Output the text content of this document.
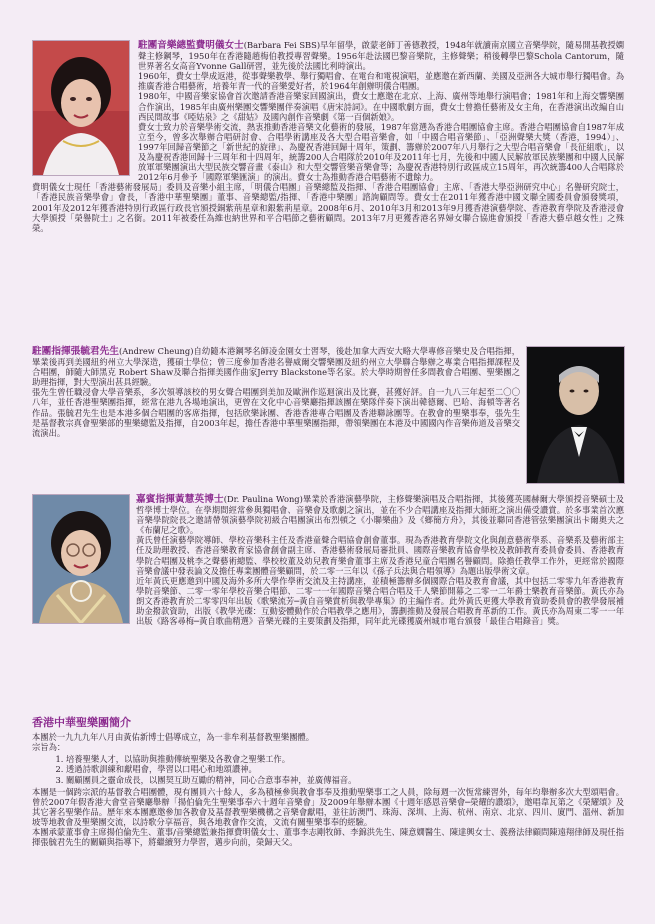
駐團音樂總監費明儀女士(Barbara Fei SBS)早年留學，啟蒙老師丁善德教授，1948年就讀南京國立音樂學院，隨易開基教授嫻聲主修鋼琴，1950年在香港隨趙梅伯教授專習聲樂。1956年赴法國巴黎音樂院，主修聲樂；稍後轉學巴黎Schola Cantorum，隨世界著名女高音Yvonne Gall研習，並先後於法國比利時演出。

1960年，費女士學成返港，從事聲樂教學、舉行獨唱會、在電台和電視演唱，並應邀在新西蘭、美國及亞洲各大城市舉行獨唱會。為推廣香港合唱藝術，培養年青一代的音樂愛好者，於1964年創辦明儀合唱團。

1980年，中國音樂家協會首次邀請香港音樂家回國演出，費女士應邀在北京、上海、廣州等地舉行演唱會；1981年和上海交響樂團合作演出，1985年由廣州樂團交響樂團伴奏演唱《唐宋詩詞》。在中國歌劇方面，費女士曾擔任藝術及女主角，在香港演出改編自山西民間故事《啞姑泉》之《甜姑》及國內創作音樂劇《第一百個新娘》。

費女士致力於音樂學術交流，熱衷推動香港音樂文化藝術的發展，1987年當選為香港合唱團協會主席。香港合唱團協會自1987年成立至今，曾多次舉辦合唱研討會、合唱學術講座及各大型合唱音樂會，如「中國合唱音樂節」、「亞洲聲樂大獎（香港，1994）」、1997年回歸音樂節之「新世紀的旋律」、為慶祝香港回歸十周年，策劃、籌辦於2007年八月舉行之大型合唱音樂會「長征組歌」，以及為慶祝香港回歸十三周年和十四周年，統籌200人合唱隊於2010年及2011年七月，先後和中國人民解放軍民族樂團和中國人民解放軍軍樂團演出大型民族交響音畫《泰山》和大型交響管樂音樂會等；為慶祝香港特別行政區成立15周年，再次統籌400人合唱隊於2012年6月參予「國際軍樂匯演」的演出。費女士為推動香港合唱藝術不遺餘力。

費明儀女士現任「香港藝術發展局」委員及音樂小組主席，「明儀合唱團」音樂總監及指揮、「香港合唱團協會」主席、「香港大學亞洲研究中心」名譽研究院士，「香港民族音樂學會」會長，「香港中華聖樂團」董事、音樂總監/指揮、「香港中樂團」諮詢顧問等。費女士在2011年獲香港中國文聯全國委員會頒發獎項，2001年及2012年獲香港特別行政區行政長官頒授銅紫荊星章和銀紫荊星章。2008年6月、2010年3月和2013年9月獲香港演藝學院、香港教育學院及香港浸會大學頒授「榮譽院士」之名銜。2011年被委任為維也納世界和平合唱節之藝術顧問。2013年7月更獲香港名界婦女聯合協進會頒授「香港大藝卓越女性」之殊榮。

駐團指揮張毓君先生(Andrew Cheung)自幼隨本港鋼琴名師凌金園女士習琴，後赴加拿大西安大略大學專修音樂史及合唱指揮，畢業後再到美國紐約州立大學深造，獲碩士學位；曾三度參加香港名譽威爾交響樂團及紐約州立大學聯合舉辦之專業合唱指揮課程及合唱團，師隨大師黑克 Robert Shaw及聯合指揮美國作曲家Jerry Blackstone等名家。於大學時期曾任多間教會合唱團、聖樂團之助理指揮，對大型演出甚具經驗。

張先生曾任職浸會大學音樂系，多次領導該校的男女聲合唱團到美加及歐洲作巡迴演出及比賽，甚獲好評。自一九八三年起至二〇〇八年，並任香港聖樂團指揮，經常在港九各場地演出，更曾在文化中心音樂廳指揮該團在樂隊伴奏下演出韓德爾、巴哈、海頓等著名作品。張毓君先生也是本港多個合唱團的客席指揮，包括欣樂詠團、香港香港專合唱團及香港聯詠團等。在教會的聖樂事奉，張先生是基督教宗真會聖樂部的聖樂總監及指揮，自2003年起，擔任香港中華聖樂團指揮，帶領樂團在本港及中國國內作音樂佈道及音樂交流演出。

嘉賓指揮黃慧英博士(Dr. Paulina Wong)畢業於香港演藝學院，主修聲樂演唱及合唱指揮，其後獲英國赫爾大學頒授音樂碩士及哲學博士學位。在學期間經常參與獨唱會、音樂會及歌劇之演出，並在不少合唱講座及指揮大師班之演出備受讚賞。於多事業首次應音樂學院院長之邀請帶領演藝學院初級合唱團演出布烈頓之《小聯樂曲》及《鄉簡方舟》，其後並聯同香港管弦樂團演出卡爾奧夫之《布蘭尼之歌》。

黃氏曾任演藝學院導師、學校音樂科主任及香港童聲合唱協會創會董事。現為香港教育學院文化與創意藝術學系、音樂系及藝術部主任及助理教授、香港音樂教育家協會創會副主席、香港藝術發展局審批員、國際音樂教育協會學校及教師教育委員會委員、香港教育學院合唱團及桃李之聲藝術總監、學校校董及幼兒教育樂會董事主席及香港兒童合唱團名譽顧問。除擔任教學工作外，更經常於國際音樂會議中發表論文及擔任專業團體音樂顧問，於二零一三年以《孫子兵法與合唱領導》為題出版學術文章。

近年黃氏更應邀到中國及海外多所大學作學術交流及主持講座，並積極籌辦多個國際合唱及教育會議，其中包括二零零九年香港教育學院音樂節、二零一零年學校音樂合唱節、二零一一年國際音樂合唱合唱及千人樂節開幕之二零一二年爵士樂教育音樂節。黃氏亦為朗文香港教育於二零零四年出版《歌樂流芳─黃自音樂賞析與教學專集》的主編作者。此外黃氏更獲大學教育資助委員會的教學發展補助金撥款資助，出版《教學光碟：互動姿體動作於合唱教學之應用》，籌劃推動及發展合唱教育革新的工作。黃氏亦為周東二零一一年出版《路客尋梅─黃自歌曲精選》音樂光碟的主要策劃及指揮，同年此光碟獲廣州城市電台頒發「最佳合唱錄音」獎。

香港中華聖樂團簡介

本團於一九九九年八月由黃佑新博士倡導成立，為一非牟利基督教聖樂團體。

宗旨為：

1. 培養聖樂人才，以協助與推動傳統聖樂及各教會之聖樂工作。
2. 透過詩歌訓練和獻唱會，學習以口唱心和地頌讚神。
3. 關顧團員之靈命成長，以團契互助互勵的精神，同心合意事奉神，並廣傳福音。

本團是一個跨宗派的基督教合唱團體，現有團員六十餘人，多為積極參與教會事奉及推動聖樂事工之人員，除每週一次恆常練習外，每年均舉辦多次大型頌唱會。曾於2007年假香港大會堂音樂廳舉辦「揚伯倫先生聖樂事奉六十週年音樂會」及2009年舉辦本團《十週年感恩音樂會─榮耀的讚頌》，邀唱韋瓦第之《榮耀頌》及其它著名聖樂作品。歷年來本團應邀參加各教會及基督教聖樂機構之音樂會獻唱，並往訪澳門、珠海、深圳、上海、杭州、南京、北京、四川、廈門、溫州、新加坡等地教會及聖樂團交流，以詩歌分享福音，與各地教會作交流，文流有關聖樂事奉的經驗。

本團承蒙董事會主席揚伯倫先生、董事/音樂總監兼指揮費明儀女士、董事李志剛牧師、李錦洪先生、陳意嫺醫生、陳達興女士、義務法律顧問陳遠翔律師及現任指揮張毓君先生的關顧與指導下，將繼續努力學習，邁步向前，榮歸天父。
